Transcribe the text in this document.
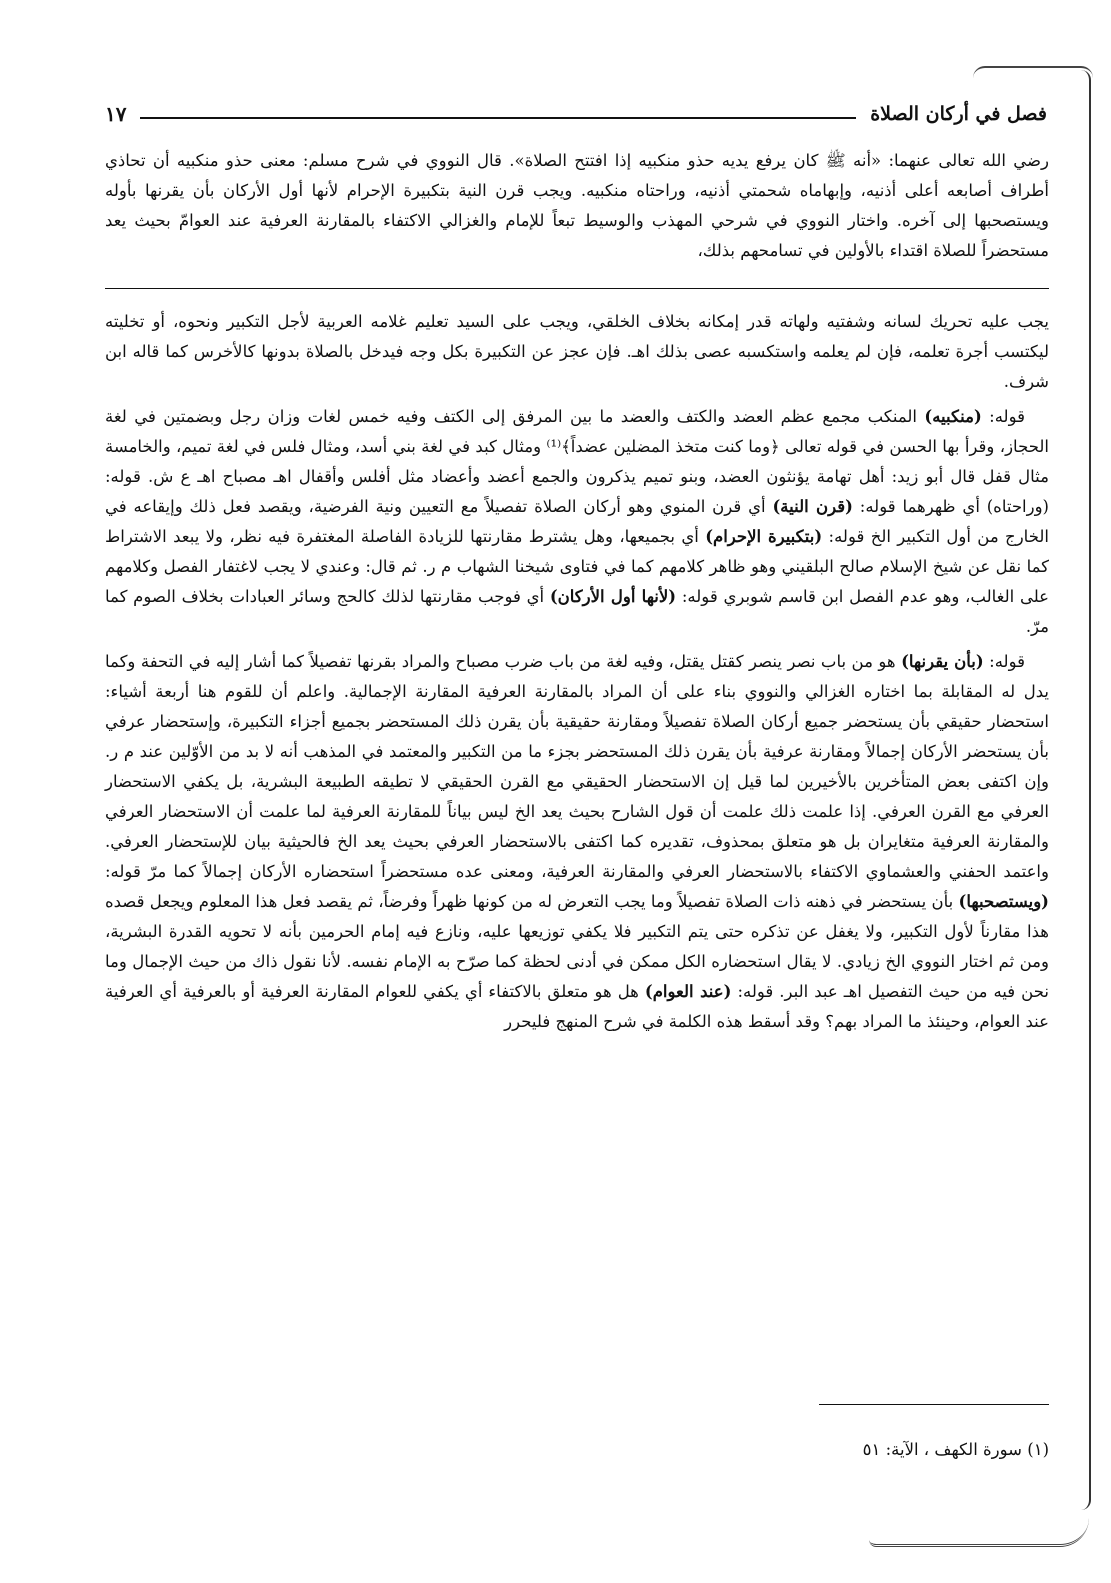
فصل في أركان الصلاة
١٧

رضي الله تعالى عنهما: «أنه ﷺ كان يرفع يديه حذو منكبيه إذا افتتح الصلاة». قال النووي في شرح مسلم: معنى حذو منكبيه أن تحاذي أطراف أصابعه أعلى أذنيه، وإبهاماه شحمتي أذنيه، وراحتاه منكبيه. ويجب قرن النية بتكبيرة الإحرام لأنها أول الأركان بأن يقرنها بأوله ويستصحبها إلى آخره. واختار النووي في شرحي المهذب والوسيط تبعاً للإمام والغزالي الاكتفاء بالمقارنة العرفية عند العوامّ بحيث يعد مستحضراً للصلاة اقتداء بالأولين في تسامحهم بذلك،

يجب عليه تحريك لسانه وشفتيه ولهاته قدر إمكانه بخلاف الخلقي، ويجب على السيد تعليم غلامه العربية لأجل التكبير ونحوه، أو تخليته ليكتسب أجرة تعلمه، فإن لم يعلمه واستكسبه عصى بذلك اهـ. فإن عجز عن التكبيرة بكل وجه فيدخل بالصلاة بدونها كالأخرس كما قاله ابن شرف.

قوله: (منكبيه) المنكب مجمع عظم العضد والكتف والعضد ما بين المرفق إلى الكتف وفيه خمس لغات وزان رجل وبضمتين في لغة الحجاز، وقرأ بها الحسن في قوله تعالى ﴿وما كنت متخذ المضلين عضداً﴾⁽¹⁾ ومثال كبد في لغة بني أسد، ومثال فلس في لغة تميم، والخامسة مثال قفل قال أبو زيد: أهل تهامة يؤنثون العضد، وبنو تميم يذكرون والجمع أعضد وأعضاد مثل أفلس وأقفال اهـ مصباح اهـ ع ش. قوله: (وراحتاه) أي ظهرهما قوله: (قرن النية) أي قرن المنوي وهو أركان الصلاة تفصيلاً مع التعيين ونية الفرضية، ويقصد فعل ذلك وإيقاعه في الخارج من أول التكبير الخ قوله: (بتكبيرة الإحرام) أي بجميعها، وهل يشترط مقارنتها للزيادة الفاصلة المغتفرة فيه نظر، ولا يبعد الاشتراط كما نقل عن شيخ الإسلام صالح البلقيني وهو ظاهر كلامهم كما في فتاوى شيخنا الشهاب م ر. ثم قال: وعندي لا يجب لاغتفار الفصل وكلامهم على الغالب، وهو عدم الفصل ابن قاسم شوبري قوله: (لأنها أول الأركان) أي فوجب مقارنتها لذلك كالحج وسائر العبادات بخلاف الصوم كما مرّ.

قوله: (بأن يقرنها) هو من باب نصر ينصر كقتل يقتل، وفيه لغة من باب ضرب مصباح والمراد بقرنها تفصيلاً كما أشار إليه في التحفة وكما يدل له المقابلة بما اختاره الغزالي والنووي بناء على أن المراد بالمقارنة العرفية المقارنة الإجمالية. واعلم أن للقوم هنا أربعة أشياء: استحضار حقيقي بأن يستحضر جميع أركان الصلاة تفصيلاً ومقارنة حقيقية بأن يقرن ذلك المستحضر بجميع أجزاء التكبيرة، وإستحضار عرفي بأن يستحضر الأركان إجمالاً ومقارنة عرفية بأن يقرن ذلك المستحضر بجزء ما من التكبير والمعتمد في المذهب أنه لا بد من الأوّلين عند م ر. وإن اكتفى بعض المتأخرين بالأخيرين لما قيل إن الاستحضار الحقيقي مع القرن الحقيقي لا تطيقه الطبيعة البشرية، بل يكفي الاستحضار العرفي مع القرن العرفي. إذا علمت ذلك علمت أن قول الشارح بحيث يعد الخ ليس بياناً للمقارنة العرفية لما علمت أن الاستحضار العرفي والمقارنة العرفية متغايران بل هو متعلق بمحذوف، تقديره كما اكتفى بالاستحضار العرفي بحيث يعد الخ فالحيثية بيان للإستحضار العرفي. واعتمد الحفني والعشماوي الاكتفاء بالاستحضار العرفي والمقارنة العرفية، ومعنى عده مستحضراً استحضاره الأركان إجمالاً كما مرّ قوله: (ويستصحبها) بأن يستحضر في ذهنه ذات الصلاة تفصيلاً وما يجب التعرض له من كونها ظهراً وفرضاً، ثم يقصد فعل هذا المعلوم ويجعل قصده هذا مقارناً لأول التكبير، ولا يغفل عن تذكره حتى يتم التكبير فلا يكفي توزيعها عليه، ونازع فيه إمام الحرمين بأنه لا تحويه القدرة البشرية، ومن ثم اختار النووي الخ زيادي. لا يقال استحضاره الكل ممكن في أدنى لحظة كما صرّح به الإمام نفسه. لأنا نقول ذاك من حيث الإجمال وما نحن فيه من حيث التفصيل اهـ عبد البر. قوله: (عند العوام) هل هو متعلق بالاكتفاء أي يكفي للعوام المقارنة العرفية أو بالعرفية أي العرفية عند العوام، وحينئذ ما المراد بهم؟ وقد أسقط هذه الكلمة في شرح المنهج فليحرر

(١) سورة الكهف ، الآية: ٥١
